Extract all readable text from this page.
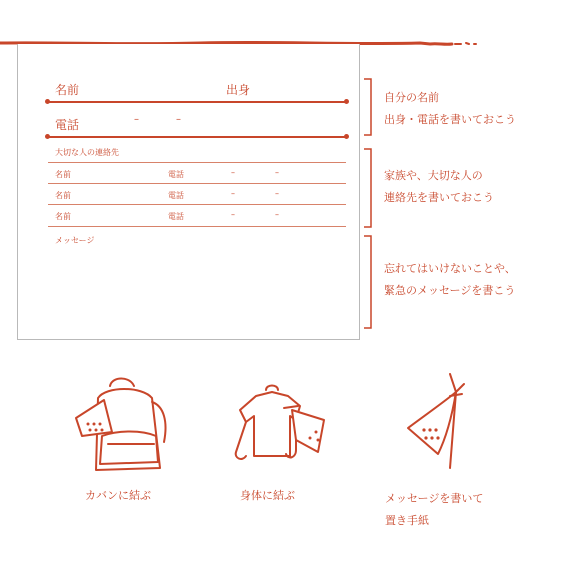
名前	出身
電話	–	–
大切な人の連絡先
名前	電話	–	–
名前	電話	–	–
名前	電話	–	–
メッセージ
自分の名前
出身・電話を書いておこう
家族や、大切な人の
連絡先を書いておこう
忘れてはいけないことや、
緊急のメッセージを書こう
カバンに結ぶ	身体に結ぶ	メッセージを書いて
置き手紙
